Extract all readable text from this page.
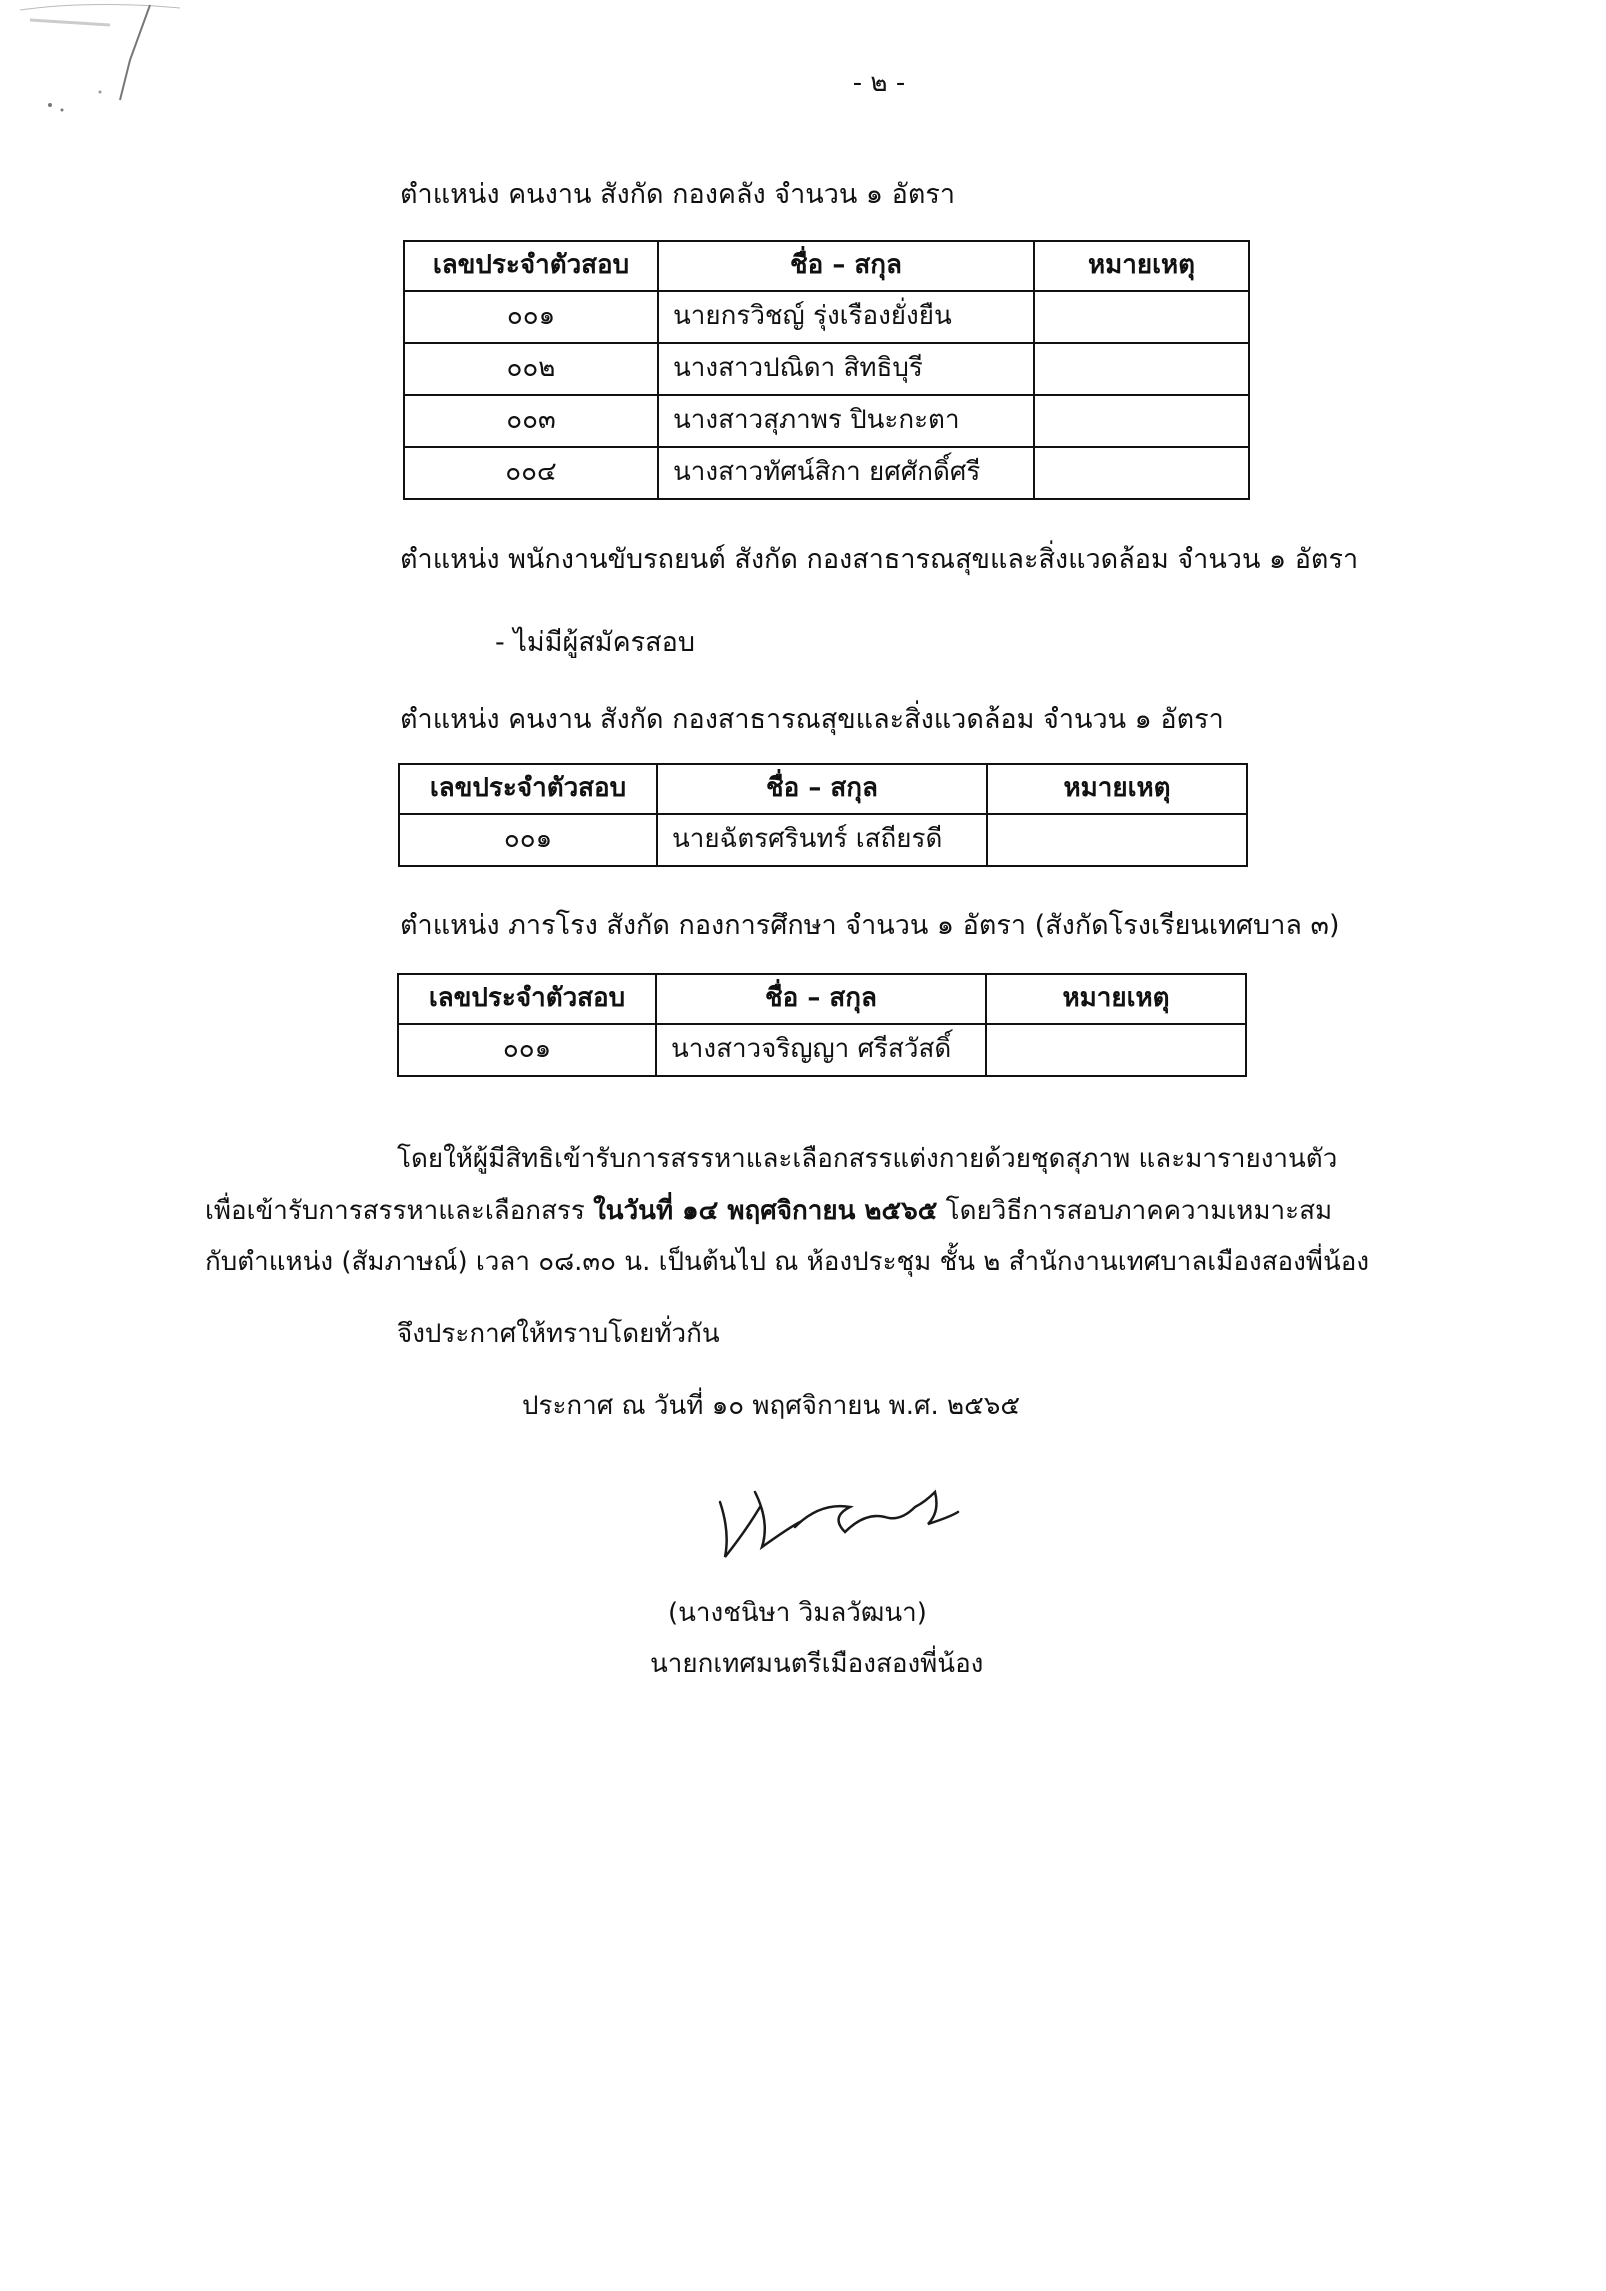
- ๒ -
ตำแหน่ง คนงาน สังกัด กองคลัง จำนวน ๑ อัตรา
เลขประจำตัวสอบ	ชื่อ – สกุล	หมายเหตุ
๐๐๑	นายกรวิชญ์ รุ่งเรืองยั่งยืน	
๐๐๒	นางสาวปณิดา สิทธิบุรี	
๐๐๓	นางสาวสุภาพร ปินะกะตา	
๐๐๔	นางสาวทัศน์สิกา ยศศักดิ์ศรี	
ตำแหน่ง พนักงานขับรถยนต์ สังกัด กองสาธารณสุขและสิ่งแวดล้อม จำนวน ๑ อัตรา
- ไม่มีผู้สมัครสอบ
ตำแหน่ง คนงาน สังกัด กองสาธารณสุขและสิ่งแวดล้อม จำนวน ๑ อัตรา
เลขประจำตัวสอบ	ชื่อ – สกุล	หมายเหตุ
๐๐๑	นายฉัตรศรินทร์ เสถียรดี	
ตำแหน่ง ภารโรง สังกัด กองการศึกษา จำนวน ๑ อัตรา (สังกัดโรงเรียนเทศบาล ๓)
เลขประจำตัวสอบ	ชื่อ – สกุล	หมายเหตุ
๐๐๑	นางสาวจริญญา ศรีสวัสดิ์	
โดยให้ผู้มีสิทธิเข้ารับการสรรหาและเลือกสรรแต่งกายด้วยชุดสุภาพ และมารายงานตัว
เพื่อเข้ารับการสรรหาและเลือกสรร ในวันที่ ๑๔ พฤศจิกายน ๒๕๖๕ โดยวิธีการสอบภาคความเหมาะสม
กับตำแหน่ง (สัมภาษณ์) เวลา ๐๘.๓๐ น. เป็นต้นไป ณ ห้องประชุม ชั้น ๒ สำนักงานเทศบาลเมืองสองพี่น้อง
จึงประกาศให้ทราบโดยทั่วกัน
ประกาศ ณ วันที่ ๑๐ พฤศจิกายน พ.ศ. ๒๕๖๕
(นางชนิษา วิมลวัฒนา)
นายกเทศมนตรีเมืองสองพี่น้อง
